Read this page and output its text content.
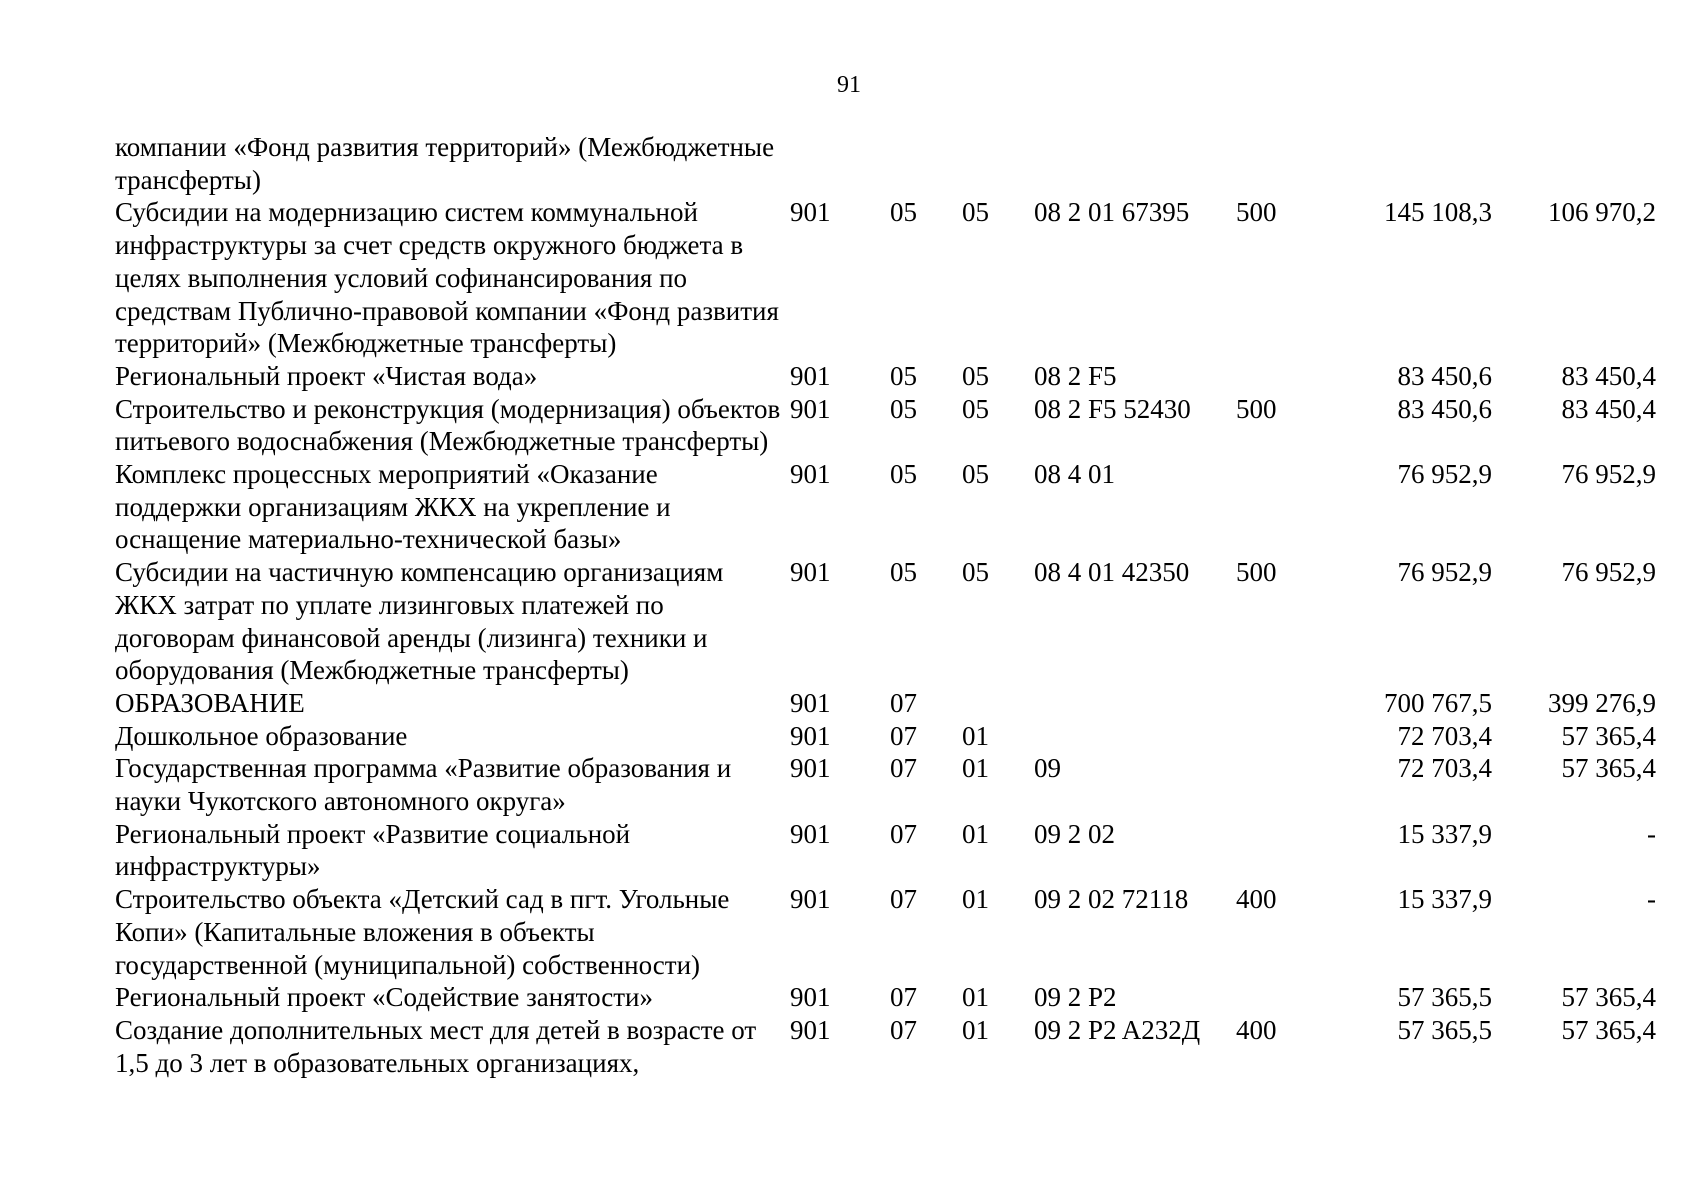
91
компании «Фонд развития территорий» (Межбюджетные трансферты)							
Субсидии на модернизацию систем коммунальной инфраструктуры за счет средств окружного бюджета в целях выполнения условий софинансирования по средствам Публично-правовой компании «Фонд развития территорий» (Межбюджетные трансферты)	901	05	05	08 2 01 67395	500	145 108,3	106 970,2
Региональный проект «Чистая вода»	901	05	05	08 2 F5		83 450,6	83 450,4
Строительство и реконструкция (модернизация) объектов питьевого водоснабжения (Межбюджетные трансферты)	901	05	05	08 2 F5 52430	500	83 450,6	83 450,4
Комплекс процессных мероприятий «Оказание поддержки организациям ЖКХ на укрепление и оснащение материально-технической базы»	901	05	05	08 4 01		76 952,9	76 952,9
Субсидии на частичную компенсацию организациям ЖКХ затрат по уплате лизинговых платежей по договорам финансовой аренды (лизинга) техники и оборудования (Межбюджетные трансферты)	901	05	05	08 4 01 42350	500	76 952,9	76 952,9
ОБРАЗОВАНИЕ	901	07				700 767,5	399 276,9
Дошкольное образование	901	07	01			72 703,4	57 365,4
Государственная программа «Развитие образования и науки Чукотского автономного округа»	901	07	01	09		72 703,4	57 365,4
Региональный проект «Развитие социальной инфраструктуры»	901	07	01	09 2 02		15 337,9	-
Строительство объекта «Детский сад в пгт. Угольные Копи» (Капитальные вложения в объекты государственной (муниципальной) собственности)	901	07	01	09 2 02 72118	400	15 337,9	-
Региональный проект «Содействие занятости»	901	07	01	09 2 P2		57 365,5	57 365,4
Создание дополнительных мест для детей в возрасте от 1,5 до 3 лет в образовательных организациях,	901	07	01	09 2 P2 A232Д	400	57 365,5	57 365,4
